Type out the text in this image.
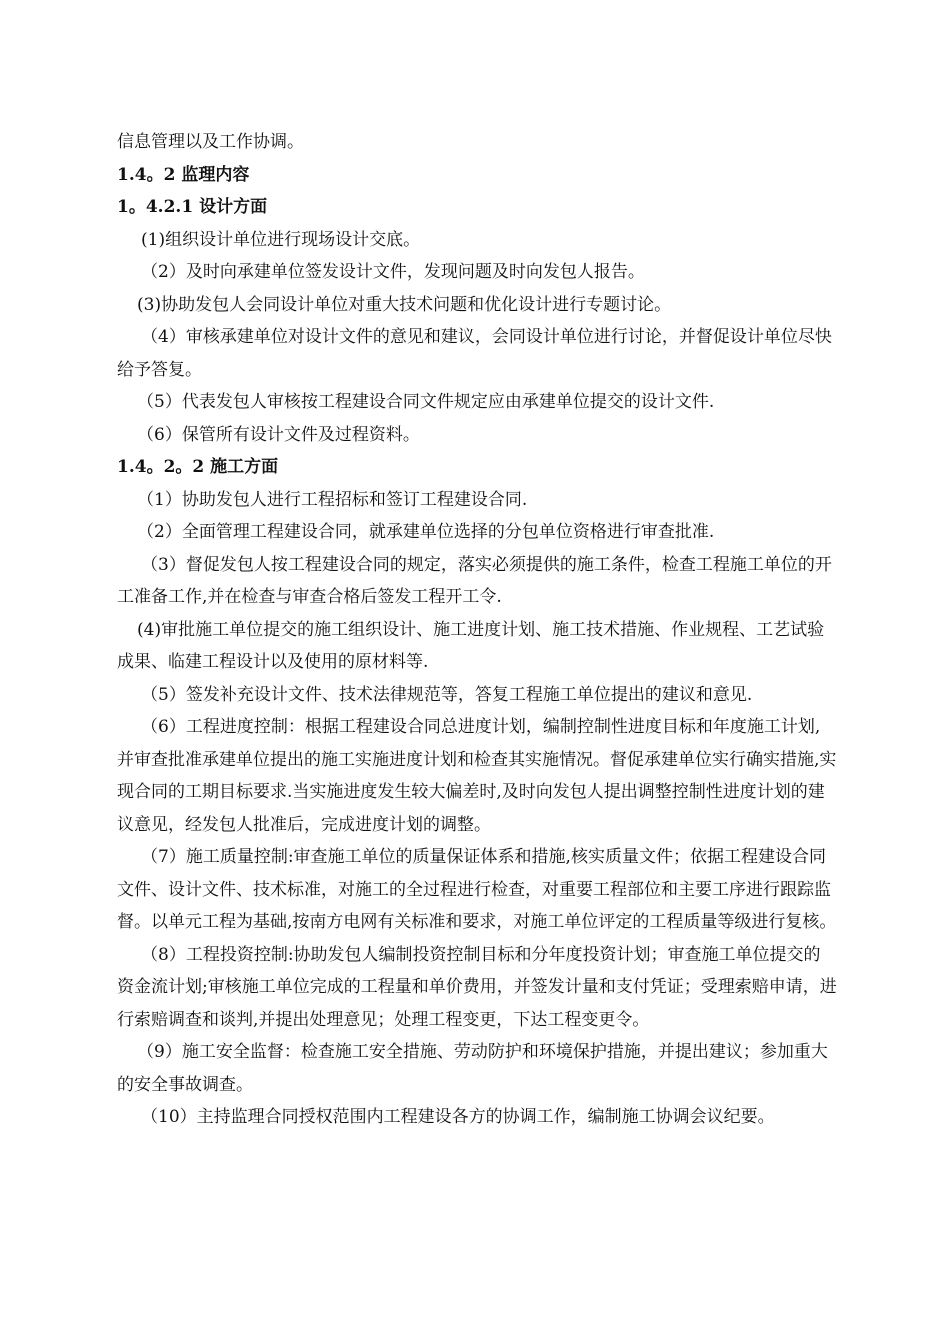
信息管理以及工作协调。

1.4。2 监理内容

1。4.2.1 设计方面

(1)组织设计单位进行现场设计交底。

（2）及时向承建单位签发设计文件，发现问题及时向发包人报告。

(3)协助发包人会同设计单位对重大技术问题和优化设计进行专题讨论。

（4）审核承建单位对设计文件的意见和建议，会同设计单位进行讨论，并督促设计单位尽快给予答复。

（5）代表发包人审核按工程建设合同文件规定应由承建单位提交的设计文件.

（6）保管所有设计文件及过程资料。

1.4。2。2 施工方面

（1）协助发包人进行工程招标和签订工程建设合同.

（2）全面管理工程建设合同，就承建单位选择的分包单位资格进行审查批准.

（3）督促发包人按工程建设合同的规定，落实必须提供的施工条件，检查工程施工单位的开工准备工作,并在检查与审查合格后签发工程开工令.

(4)审批施工单位提交的施工组织设计、施工进度计划、施工技术措施、作业规程、工艺试验成果、临建工程设计以及使用的原材料等.

（5）签发补充设计文件、技术法律规范等，答复工程施工单位提出的建议和意见.

（6）工程进度控制：根据工程建设合同总进度计划，编制控制性进度目标和年度施工计划,并审查批准承建单位提出的施工实施进度计划和检查其实施情况。督促承建单位实行确实措施,实现合同的工期目标要求.当实施进度发生较大偏差时,及时向发包人提出调整控制性进度计划的建议意见，经发包人批准后，完成进度计划的调整。

（7）施工质量控制:审查施工单位的质量保证体系和措施,核实质量文件；依据工程建设合同文件、设计文件、技术标准，对施工的全过程进行检查，对重要工程部位和主要工序进行跟踪监督。以单元工程为基础,按南方电网有关标准和要求，对施工单位评定的工程质量等级进行复核。

（8）工程投资控制:协助发包人编制投资控制目标和分年度投资计划；审查施工单位提交的资金流计划;审核施工单位完成的工程量和单价费用，并签发计量和支付凭证；受理索赔申请，进行索赔调查和谈判,并提出处理意见；处理工程变更，下达工程变更令。

（9）施工安全监督：检查施工安全措施、劳动防护和环境保护措施，并提出建议；参加重大的安全事故调查。

（10）主持监理合同授权范围内工程建设各方的协调工作，编制施工协调会议纪要。
